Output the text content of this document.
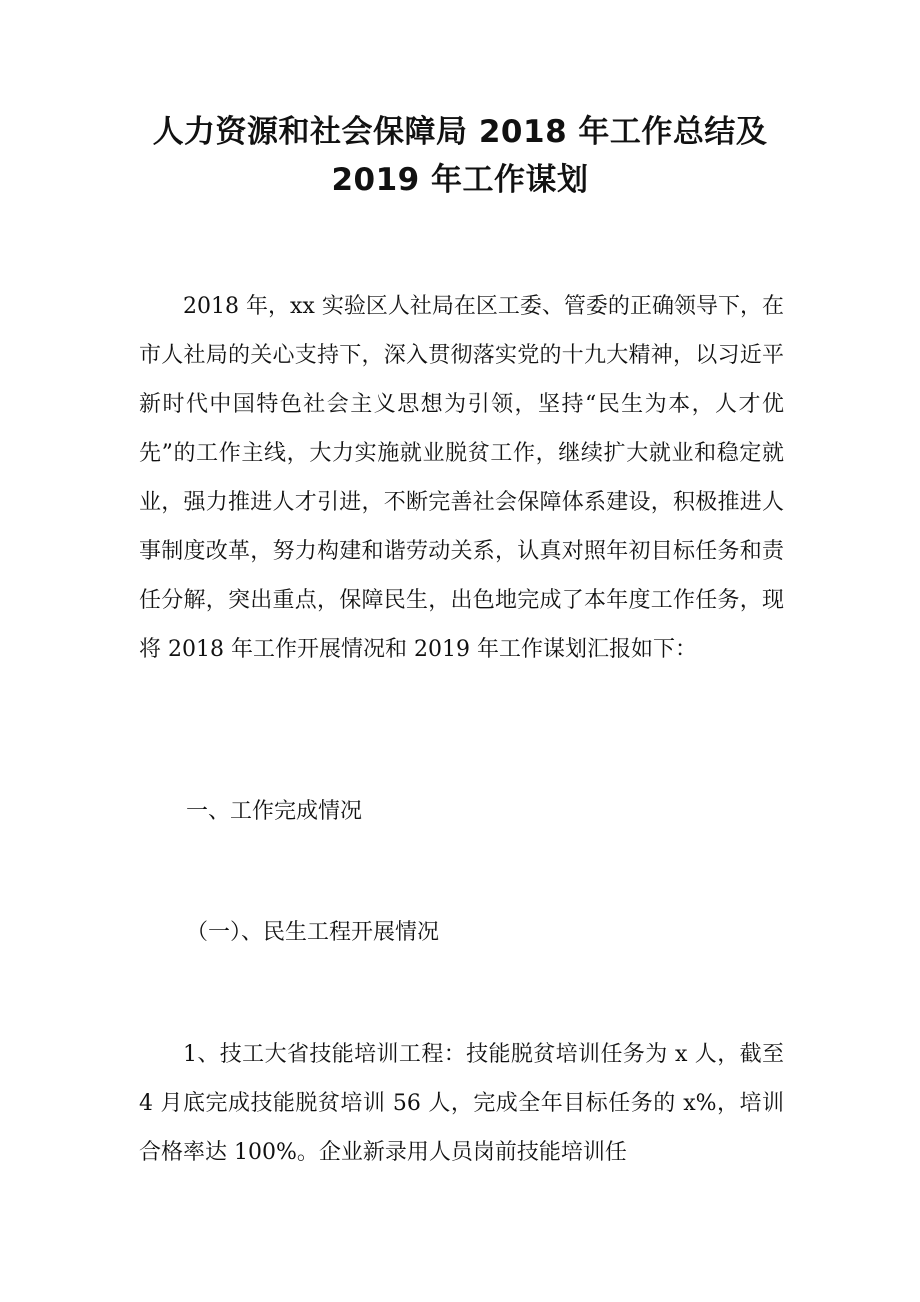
人力资源和社会保障局 2018 年工作总结及
2019 年工作谋划

2018 年，xx 实验区人社局在区工委、管委的正确领导下，在市人社局的关心支持下，深入贯彻落实党的十九大精神，以习近平新时代中国特色社会主义思想为引领，坚持“民生为本，人才优先”的工作主线，大力实施就业脱贫工作，继续扩大就业和稳定就业，强力推进人才引进，不断完善社会保障体系建设，积极推进人事制度改革，努力构建和谐劳动关系，认真对照年初目标任务和责任分解，突出重点，保障民生，出色地完成了本年度工作任务，现将 2018 年工作开展情况和 2019 年工作谋划汇报如下：

一、工作完成情况

（一）、民生工程开展情况

1、技工大省技能培训工程：技能脱贫培训任务为 x 人，截至 4 月底完成技能脱贫培训 56 人，完成全年目标任务的 x%，培训合格率达 100%。企业新录用人员岗前技能培训任
